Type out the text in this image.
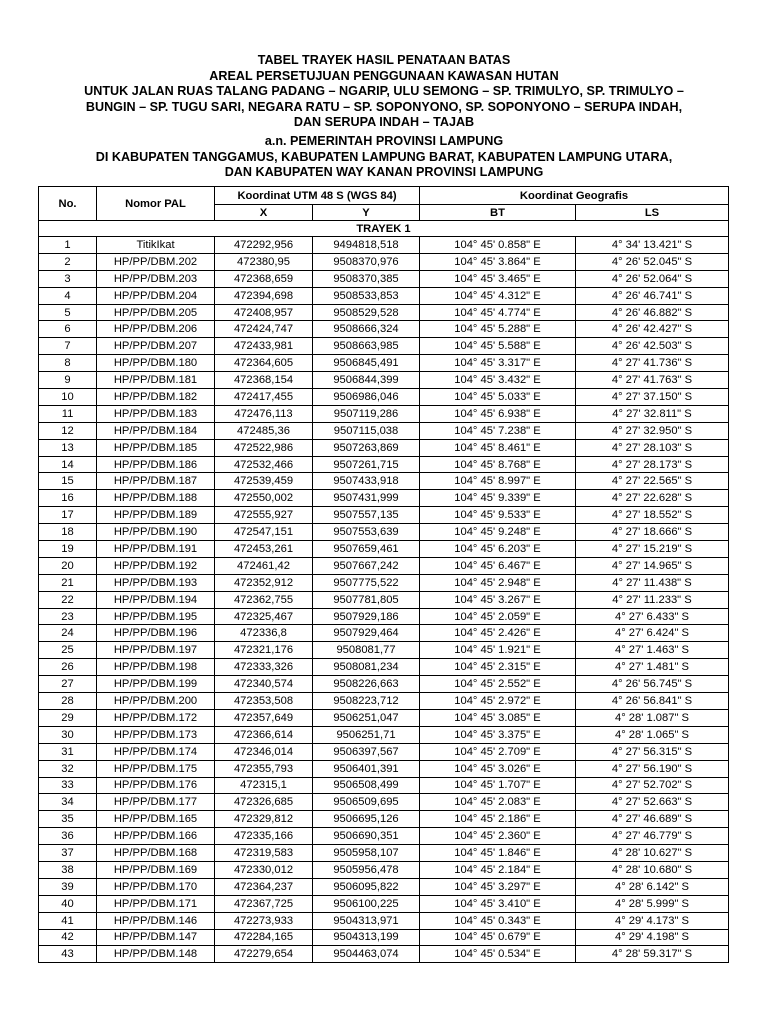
TABEL TRAYEK HASIL PENATAAN BATAS
AREAL PERSETUJUAN PENGGUNAAN KAWASAN HUTAN
UNTUK JALAN RUAS TALANG PADANG – NGARIP, ULU SEMONG – SP. TRIMULYO, SP. TRIMULYO –
BUNGIN – SP. TUGU SARI, NEGARA RATU – SP. SOPONYONO, SP. SOPONYONO – SERUPA INDAH,
DAN SERUPA INDAH – TAJAB
a.n. PEMERINTAH PROVINSI LAMPUNG
DI KABUPATEN TANGGAMUS, KABUPATEN LAMPUNG BARAT, KABUPATEN LAMPUNG UTARA,
DAN KABUPATEN WAY KANAN PROVINSI LAMPUNG
No.	Nomor PAL	Koordinat UTM 48 S (WGS 84)		Koordinat Geografis	
		X	Y	BT	LS
TRAYEK 1					
1	TitikIkat	472292,956	9494818,518	104° 45' 0.858" E	4° 34' 13.421" S
2	HP/PP/DBM.202	472380,95	9508370,976	104° 45' 3.864" E	4° 26' 52.045" S
3	HP/PP/DBM.203	472368,659	9508370,385	104° 45' 3.465" E	4° 26' 52.064" S
4	HP/PP/DBM.204	472394,698	9508533,853	104° 45' 4.312" E	4° 26' 46.741" S
5	HP/PP/DBM.205	472408,957	9508529,528	104° 45' 4.774" E	4° 26' 46.882" S
6	HP/PP/DBM.206	472424,747	9508666,324	104° 45' 5.288" E	4° 26' 42.427" S
7	HP/PP/DBM.207	472433,981	9508663,985	104° 45' 5.588" E	4° 26' 42.503" S
8	HP/PP/DBM.180	472364,605	9506845,491	104° 45' 3.317" E	4° 27' 41.736" S
9	HP/PP/DBM.181	472368,154	9506844,399	104° 45' 3.432" E	4° 27' 41.763" S
10	HP/PP/DBM.182	472417,455	9506986,046	104° 45' 5.033" E	4° 27' 37.150" S
11	HP/PP/DBM.183	472476,113	9507119,286	104° 45' 6.938" E	4° 27' 32.811" S
12	HP/PP/DBM.184	472485,36	9507115,038	104° 45' 7.238" E	4° 27' 32.950" S
13	HP/PP/DBM.185	472522,986	9507263,869	104° 45' 8.461" E	4° 27' 28.103" S
14	HP/PP/DBM.186	472532,466	9507261,715	104° 45' 8.768" E	4° 27' 28.173" S
15	HP/PP/DBM.187	472539,459	9507433,918	104° 45' 8.997" E	4° 27' 22.565" S
16	HP/PP/DBM.188	472550,002	9507431,999	104° 45' 9.339" E	4° 27' 22.628" S
17	HP/PP/DBM.189	472555,927	9507557,135	104° 45' 9.533" E	4° 27' 18.552" S
18	HP/PP/DBM.190	472547,151	9507553,639	104° 45' 9.248" E	4° 27' 18.666" S
19	HP/PP/DBM.191	472453,261	9507659,461	104° 45' 6.203" E	4° 27' 15.219" S
20	HP/PP/DBM.192	472461,42	9507667,242	104° 45' 6.467" E	4° 27' 14.965" S
21	HP/PP/DBM.193	472352,912	9507775,522	104° 45' 2.948" E	4° 27' 11.438" S
22	HP/PP/DBM.194	472362,755	9507781,805	104° 45' 3.267" E	4° 27' 11.233" S
23	HP/PP/DBM.195	472325,467	9507929,186	104° 45' 2.059" E	4° 27' 6.433" S
24	HP/PP/DBM.196	472336,8	9507929,464	104° 45' 2.426" E	4° 27' 6.424" S
25	HP/PP/DBM.197	472321,176	9508081,77	104° 45' 1.921" E	4° 27' 1.463" S
26	HP/PP/DBM.198	472333,326	9508081,234	104° 45' 2.315" E	4° 27' 1.481" S
27	HP/PP/DBM.199	472340,574	9508226,663	104° 45' 2.552" E	4° 26' 56.745" S
28	HP/PP/DBM.200	472353,508	9508223,712	104° 45' 2.972" E	4° 26' 56.841" S
29	HP/PP/DBM.172	472357,649	9506251,047	104° 45' 3.085" E	4° 28' 1.087" S
30	HP/PP/DBM.173	472366,614	9506251,71	104° 45' 3.375" E	4° 28' 1.065" S
31	HP/PP/DBM.174	472346,014	9506397,567	104° 45' 2.709" E	4° 27' 56.315" S
32	HP/PP/DBM.175	472355,793	9506401,391	104° 45' 3.026" E	4° 27' 56.190" S
33	HP/PP/DBM.176	472315,1	9506508,499	104° 45' 1.707" E	4° 27' 52.702" S
34	HP/PP/DBM.177	472326,685	9506509,695	104° 45' 2.083" E	4° 27' 52.663" S
35	HP/PP/DBM.165	472329,812	9506695,126	104° 45' 2.186" E	4° 27' 46.689" S
36	HP/PP/DBM.166	472335,166	9506690,351	104° 45' 2.360" E	4° 27' 46.779" S
37	HP/PP/DBM.168	472319,583	9505958,107	104° 45' 1.846" E	4° 28' 10.627" S
38	HP/PP/DBM.169	472330,012	9505956,478	104° 45' 2.184" E	4° 28' 10.680" S
39	HP/PP/DBM.170	472364,237	9506095,822	104° 45' 3.297" E	4° 28' 6.142" S
40	HP/PP/DBM.171	472367,725	9506100,225	104° 45' 3.410" E	4° 28' 5.999" S
41	HP/PP/DBM.146	472273,933	9504313,971	104° 45' 0.343" E	4° 29' 4.173" S
42	HP/PP/DBM.147	472284,165	9504313,199	104° 45' 0.679" E	4° 29' 4.198" S
43	HP/PP/DBM.148	472279,654	9504463,074	104° 45' 0.534" E	4° 28' 59.317" S
